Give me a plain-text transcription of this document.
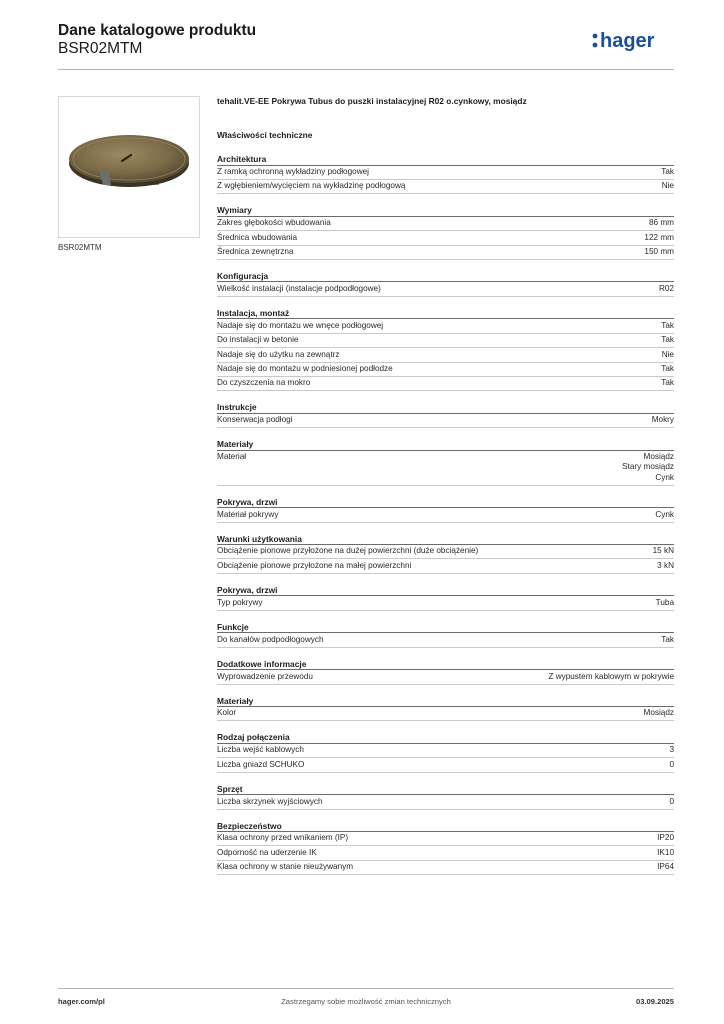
Dane katalogowe produktu
BSR02MTM	hager
BSR02MTM
tehalit.VE-EE Pokrywa Tubus do puszki instalacyjnej R02 o.cynkowy, mosiądz
Właściwości techniczne
Architektura
Z ramką ochronną wykładziny podłogowej	Tak
Z wgłębieniem/wycięciem na wykładzinę podłogową	Nie
Wymiary
Zakres głębokości wbudowania	86 mm
Średnica wbudowania	122 mm
Średnica zewnętrzna	150 mm
Konfiguracja
Wielkość instalacji (instalacje podpodłogowe)	R02
Instalacja, montaż
Nadaje się do montażu we wnęce podłogowej	Tak
Do instalacji w betonie	Tak
Nadaje się do użytku na zewnątrz	Nie
Nadaje się do montażu w podniesionej podłodze	Tak
Do czyszczenia na mokro	Tak
Instrukcje
Konserwacja podłogi	Mokry
Materiały
Materiał	Mosiądz
Stary mosiądz
Cynk
Pokrywa, drzwi
Materiał pokrywy	Cynk
Warunki użytkowania
Obciążenie pionowe przyłożone na dużej powierzchni (duże obciążenie)	15 kN
Obciążenie pionowe przyłożone na małej powierzchni	3 kN
Pokrywa, drzwi
Typ pokrywy	Tuba
Funkcje
Do kanałów podpodłogowych	Tak
Dodatkowe informacje
Wyprowadzenie przewodu	Z wypustem kablowym w pokrywie
Materiały
Kolor	Mosiądz
Rodzaj połączenia
Liczba wejść kablowych	3
Liczba gniazd SCHUKO	0
Sprzęt
Liczba skrzynek wyjściowych	0
Bezpieczeństwo
Klasa ochrony przed wnikaniem (IP)	IP20
Odporność na uderzenie IK	IK10
Klasa ochrony w stanie nieużywanym	IP64
hager.com/pl	Zastrzegamy sobie możliwość zmian technicznych	03.09.2025
